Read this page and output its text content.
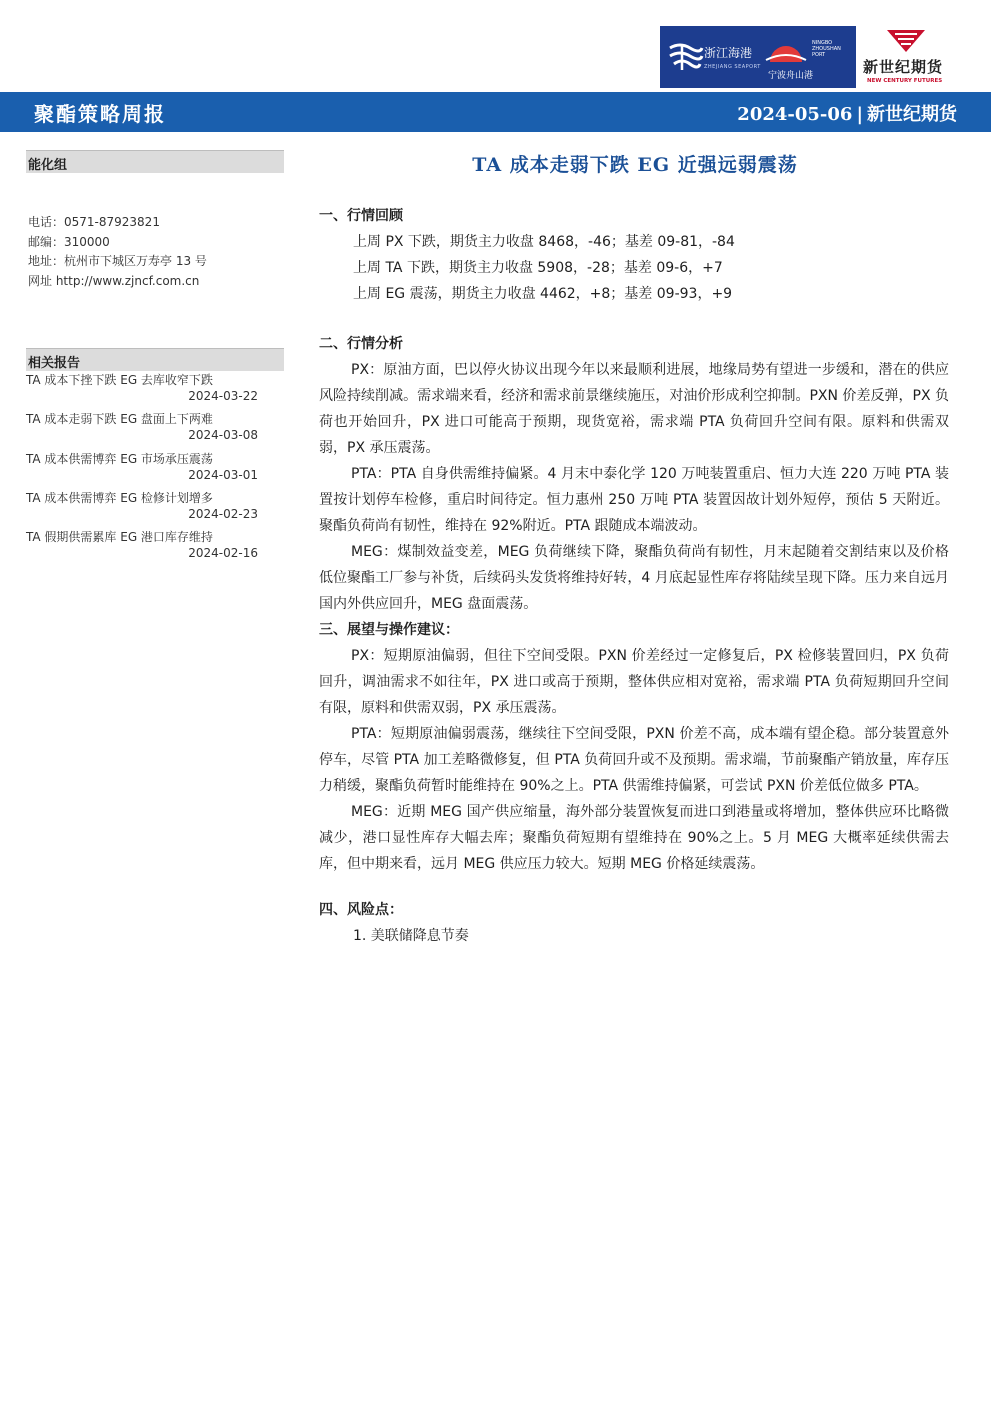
浙江海港
ZHEJIANG SEAPORT
NINGBO ZHOUSHAN PORT
宁波舟山港	新世纪期货
NEW CENTURY FUTURES
聚酯策略周报	2024-05-06 | 新世纪期货
能化组
电话：0571-87923821
邮编：310000
地址：杭州市下城区万寿亭 13 号
网址 http://www.zjncf.com.cn
相关报告
TA 成本下挫下跌 EG 去库收窄下跌
2024-03-22
TA 成本走弱下跌 EG 盘面上下两难
2024-03-08
TA 成本供需博弈 EG 市场承压震荡
2024-03-01
TA 成本供需博弈 EG 检修计划增多
2024-02-23
TA 假期供需累库 EG 港口库存维持
2024-02-16
TA 成本走弱下跌 EG 近强远弱震荡
一、行情回顾
上周 PX 下跌，期货主力收盘 8468，-46；基差 09-81，-84
上周 TA 下跌，期货主力收盘 5908，-28；基差 09-6，+7
上周 EG 震荡，期货主力收盘 4462，+8；基差 09-93，+9
二、行情分析

PX：原油方面，巴以停火协议出现今年以来最顺利进展，地缘局势有望进一步缓和，潜在的供应风险持续削减。需求端来看，经济和需求前景继续施压，对油价形成利空抑制。PXN 价差反弹，PX 负荷也开始回升，PX 进口可能高于预期，现货宽裕，需求端 PTA 负荷回升空间有限。原料和供需双弱，PX 承压震荡。

PTA：PTA 自身供需维持偏紧。4 月末中泰化学 120 万吨装置重启、恒力大连 220 万吨 PTA 装置按计划停车检修，重启时间待定。恒力惠州 250 万吨 PTA 装置因故计划外短停，预估 5 天附近。聚酯负荷尚有韧性，维持在 92%附近。PTA 跟随成本端波动。

MEG：煤制效益变差，MEG 负荷继续下降，聚酯负荷尚有韧性，月末起随着交割结束以及价格低位聚酯工厂参与补货，后续码头发货将维持好转，4 月底起显性库存将陆续呈现下降。压力来自远月国内外供应回升，MEG 盘面震荡。

三、展望与操作建议：

PX：短期原油偏弱，但往下空间受限。PXN 价差经过一定修复后，PX 检修装置回归，PX 负荷回升，调油需求不如往年，PX 进口或高于预期，整体供应相对宽裕，需求端 PTA 负荷短期回升空间有限，原料和供需双弱，PX 承压震荡。

PTA：短期原油偏弱震荡，继续往下空间受限，PXN 价差不高，成本端有望企稳。部分装置意外停车，尽管 PTA 加工差略微修复，但 PTA 负荷回升或不及预期。需求端，节前聚酯产销放量，库存压力稍缓，聚酯负荷暂时能维持在 90%之上。PTA 供需维持偏紧，可尝试 PXN 价差低位做多 PTA。

MEG：近期 MEG 国产供应缩量，海外部分装置恢复而进口到港量或将增加，整体供应环比略微减少，港口显性库存大幅去库；聚酯负荷短期有望维持在 90%之上。5 月 MEG 大概率延续供需去库，但中期来看，远月 MEG 供应压力较大。短期 MEG 价格延续震荡。

四、风险点：
1. 美联储降息节奏
